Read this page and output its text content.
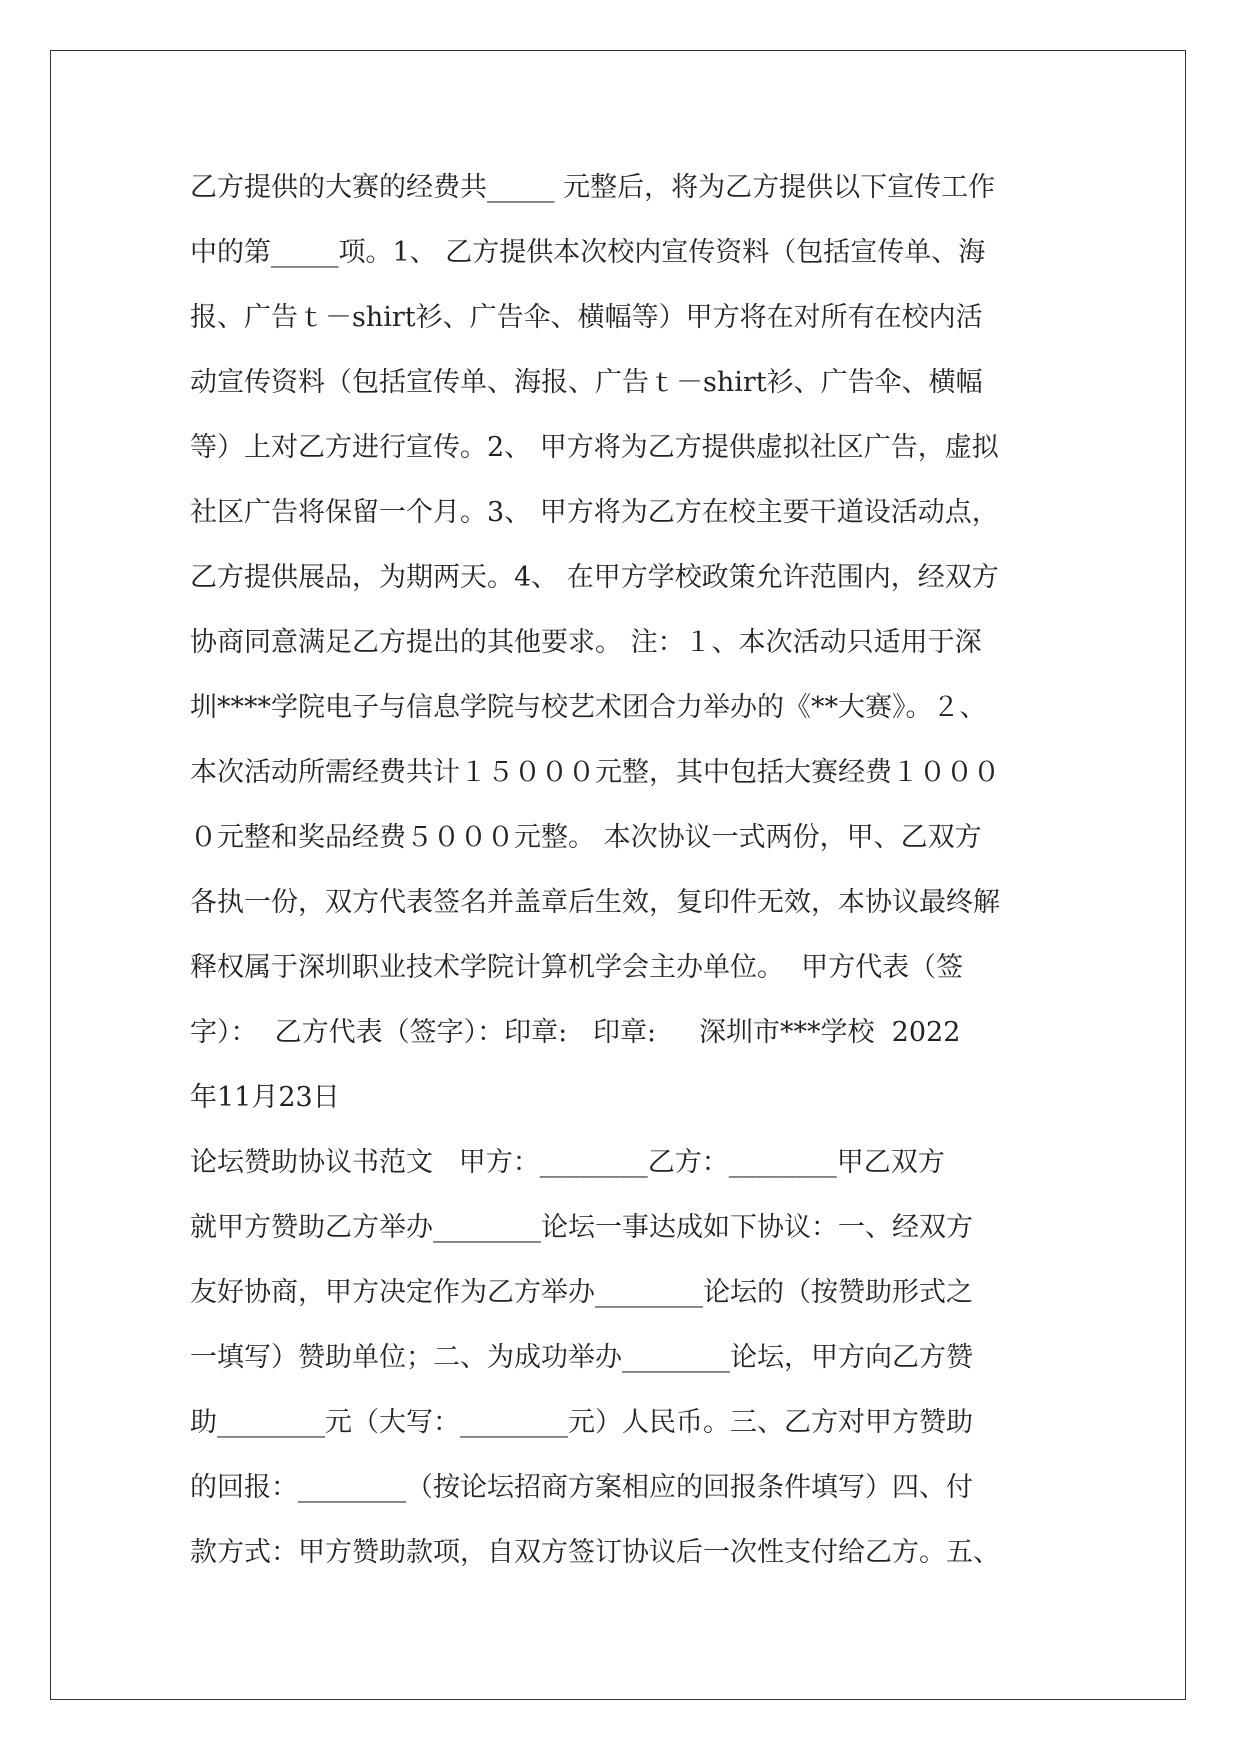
乙方提供的大赛的经费共_____ 元整后，将为乙方提供以下宣传工作
中的第_____项。1、 乙方提供本次校内宣传资料（包括宣传单、海
报、广告ｔ－shirt衫、广告伞、横幅等）甲方将在对所有在校内活
动宣传资料（包括宣传单、海报、广告ｔ－shirt衫、广告伞、横幅
等）上对乙方进行宣传。2、 甲方将为乙方提供虚拟社区广告，虚拟
社区广告将保留一个月。3、 甲方将为乙方在校主要干道设活动点，
乙方提供展品，为期两天。4、 在甲方学校政策允许范围内，经双方
协商同意满足乙方提出的其他要求。 注：１、本次活动只适用于深
圳****学院电子与信息学院与校艺术团合力举办的《**大赛》。２、
本次活动所需经费共计１５０００元整，其中包括大赛经费１０００
０元整和奖品经费５０００元整。 本次协议一式两份，甲、乙双方
各执一份，双方代表签名并盖章后生效，复印件无效，本协议最终解
释权属于深圳职业技术学院计算机学会主办单位。  甲方代表（签
字）：  乙方代表（签字）：印章:   印章:     深圳市***学校  2022
年11月23日
论坛赞助协议书范文   甲方：________乙方：________甲乙双方
就甲方赞助乙方举办________论坛一事达成如下协议：一、经双方
友好协商，甲方决定作为乙方举办________论坛的（按赞助形式之
一填写）赞助单位；二、为成功举办________论坛，甲方向乙方赞
助________元（大写：________元）人民币。三、乙方对甲方赞助
的回报：________（按论坛招商方案相应的回报条件填写）四、付
款方式：甲方赞助款项，自双方签订协议后一次性支付给乙方。五、
